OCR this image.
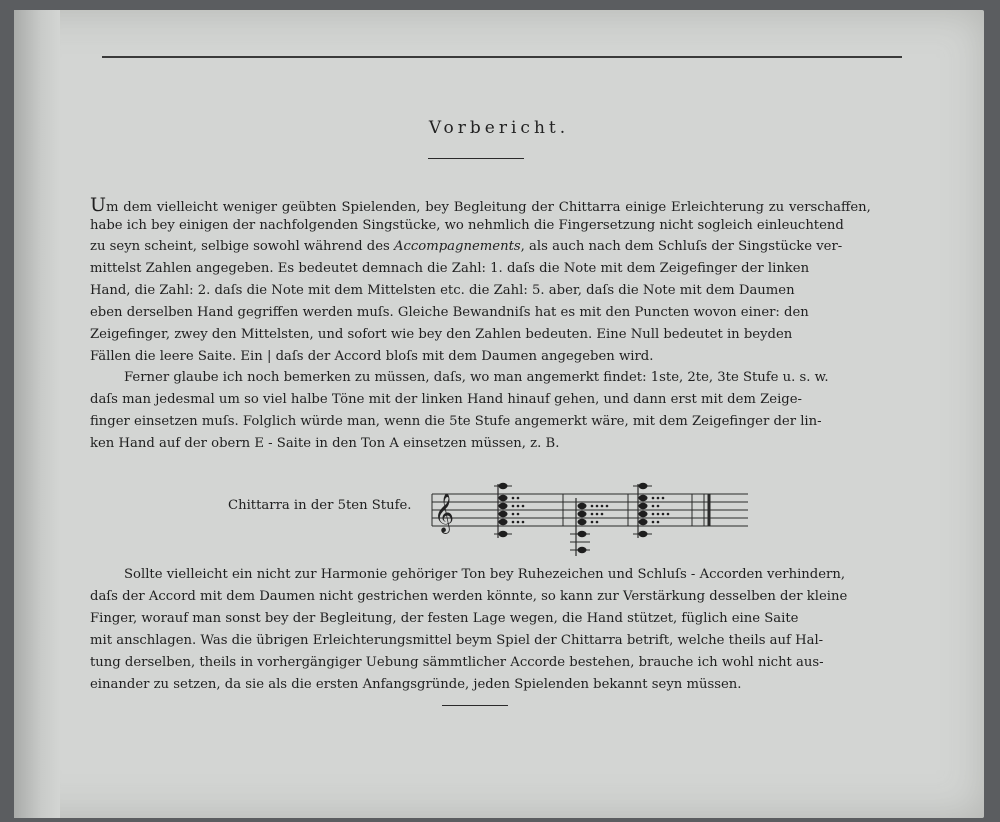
Vorbericht.
Um dem vielleicht weniger geübten Spielenden, bey Begleitung der Chittarra einige Erleichterung zu verschaffen,
habe ich bey einigen der nachfolgenden Singstücke, wo nehmlich die Fingersetzung nicht sogleich einleuchtend
zu seyn scheint, selbige sowohl während des Accompagnements, als auch nach dem Schluſs der Singstücke ver-
mittelst Zahlen angegeben. Es bedeutet demnach die Zahl: 1. daſs die Note mit dem Zeigefinger der linken
Hand, die Zahl: 2. daſs die Note mit dem Mittelsten etc. die Zahl: 5. aber, daſs die Note mit dem Daumen
eben derselben Hand gegriffen werden muſs. Gleiche Bewandniſs hat es mit den Puncten wovon einer: den
Zeigefinger, zwey den Mittelsten, und sofort wie bey den Zahlen bedeuten. Eine Null bedeutet in beyden
Fällen die leere Saite. Ein | daſs der Accord bloſs mit dem Daumen angegeben wird.
Ferner glaube ich noch bemerken zu müssen, daſs, wo man angemerkt findet: 1ste, 2te, 3te Stufe u. s. w.
daſs man jedesmal um so viel halbe Töne mit der linken Hand hinauf gehen, und dann erst mit dem Zeige-
finger einsetzen muſs. Folglich würde man, wenn die 5te Stufe angemerkt wäre, mit dem Zeigefinger der lin-
ken Hand auf der obern E - Saite in den Ton A einsetzen müssen, z. B.
Chittarra in der 5ten Stufe. 𝄞
Sollte vielleicht ein nicht zur Harmonie gehöriger Ton bey Ruhezeichen und Schluſs - Accorden verhindern,
daſs der Accord mit dem Daumen nicht gestrichen werden könnte, so kann zur Verstärkung desselben der kleine
Finger, worauf man sonst bey der Begleitung, der festen Lage wegen, die Hand stützet, füglich eine Saite
mit anschlagen. Was die übrigen Erleichterungsmittel beym Spiel der Chittarra betrift, welche theils auf Hal-
tung derselben, theils in vorhergängiger Uebung sämmtlicher Accorde bestehen, brauche ich wohl nicht aus-
einander zu setzen, da sie als die ersten Anfangsgründe, jeden Spielenden bekannt seyn müssen.
